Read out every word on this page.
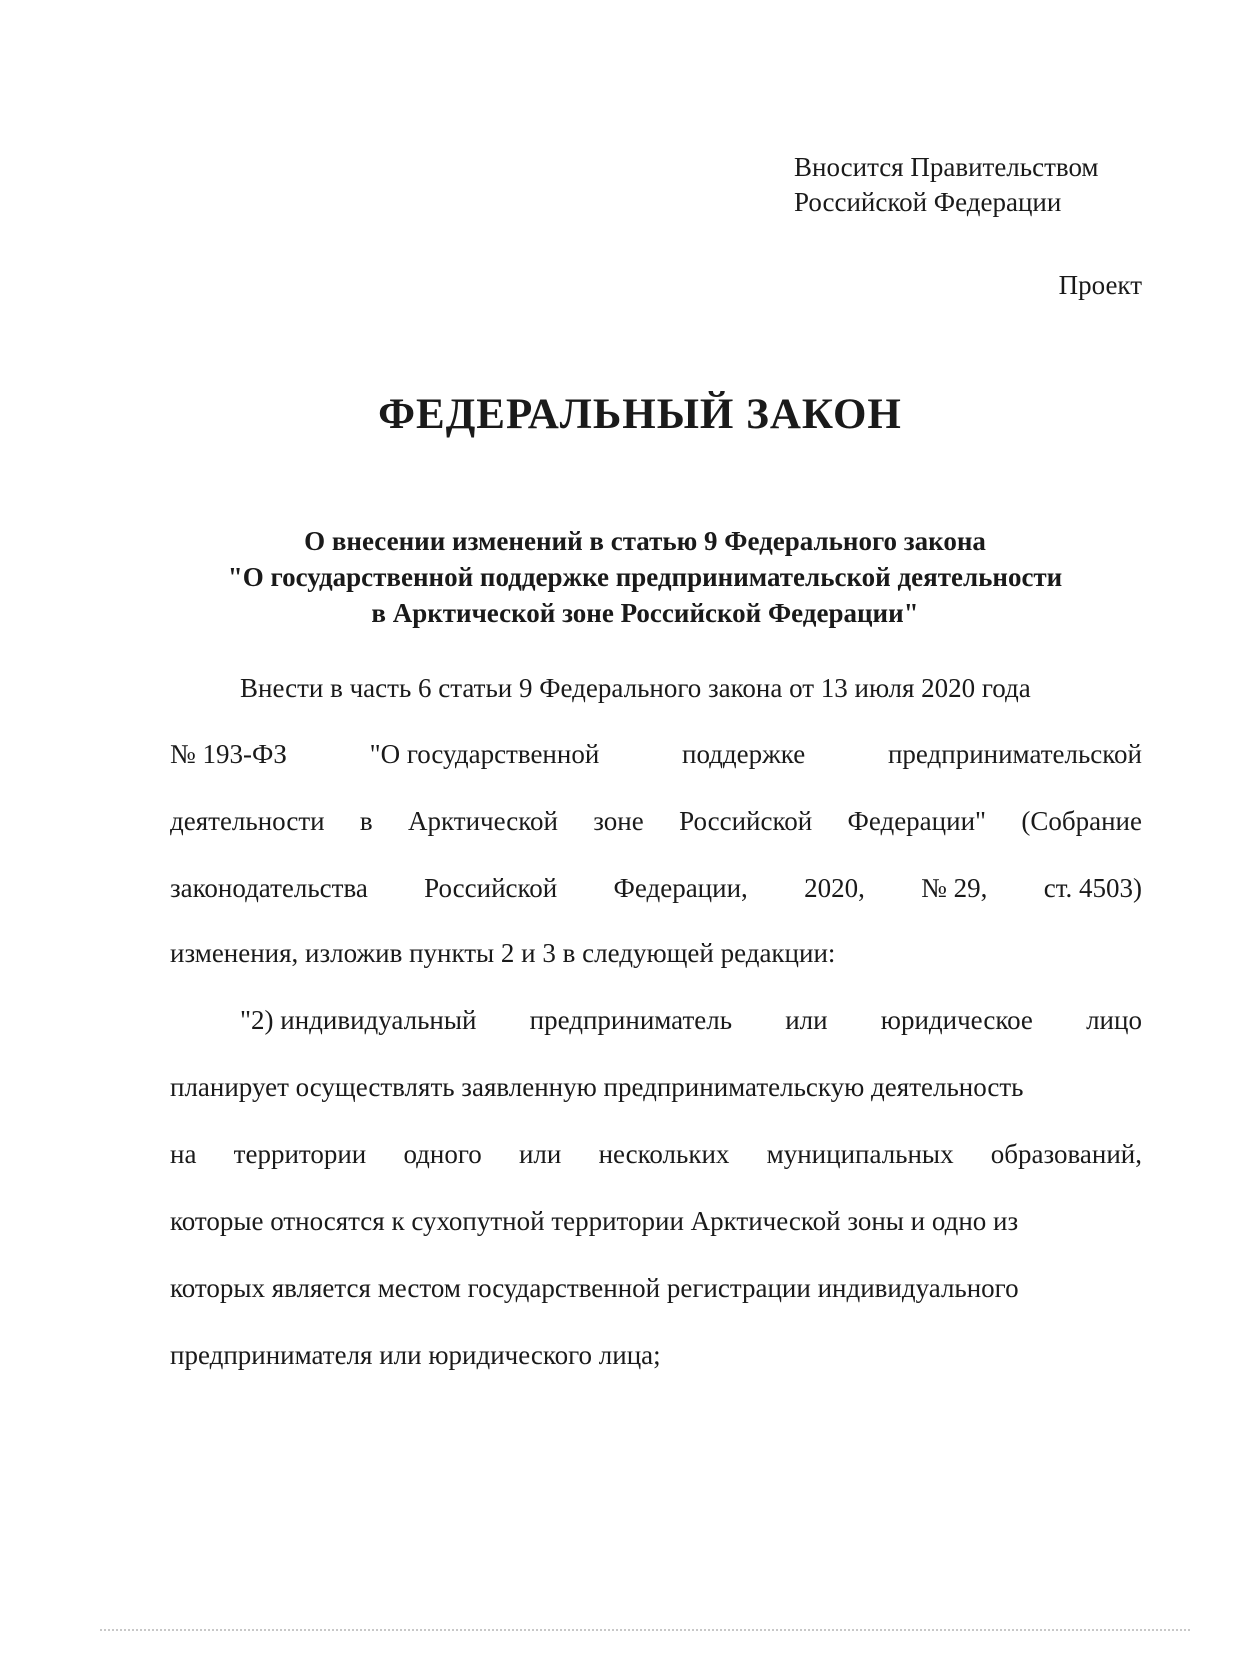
Вносится Правительством
Российской Федерации
Проект
ФЕДЕРАЛЬНЫЙ ЗАКОН
О внесении изменений в статью 9 Федерального закона
"О государственной поддержке предпринимательской деятельности
в Арктической зоне Российской Федерации"
Внести в часть 6 статьи 9 Федерального закона от 13 июля 2020 года
№ 193-ФЗ	"О государственной	поддержке	предпринимательской
деятельности в Арктической зоне Российской Федерации" (Собрание
законодательства Российской Федерации, 2020, № 29, ст. 4503)
изменения, изложив пункты 2 и 3 в следующей редакции:
"2) индивидуальный предприниматель или юридическое лицо
планирует осуществлять заявленную предпринимательскую деятельность
на территории одного или нескольких муниципальных образований,
которые относятся к сухопутной территории Арктической зоны и одно из
которых является местом государственной регистрации индивидуального
предпринимателя или юридического лица;
